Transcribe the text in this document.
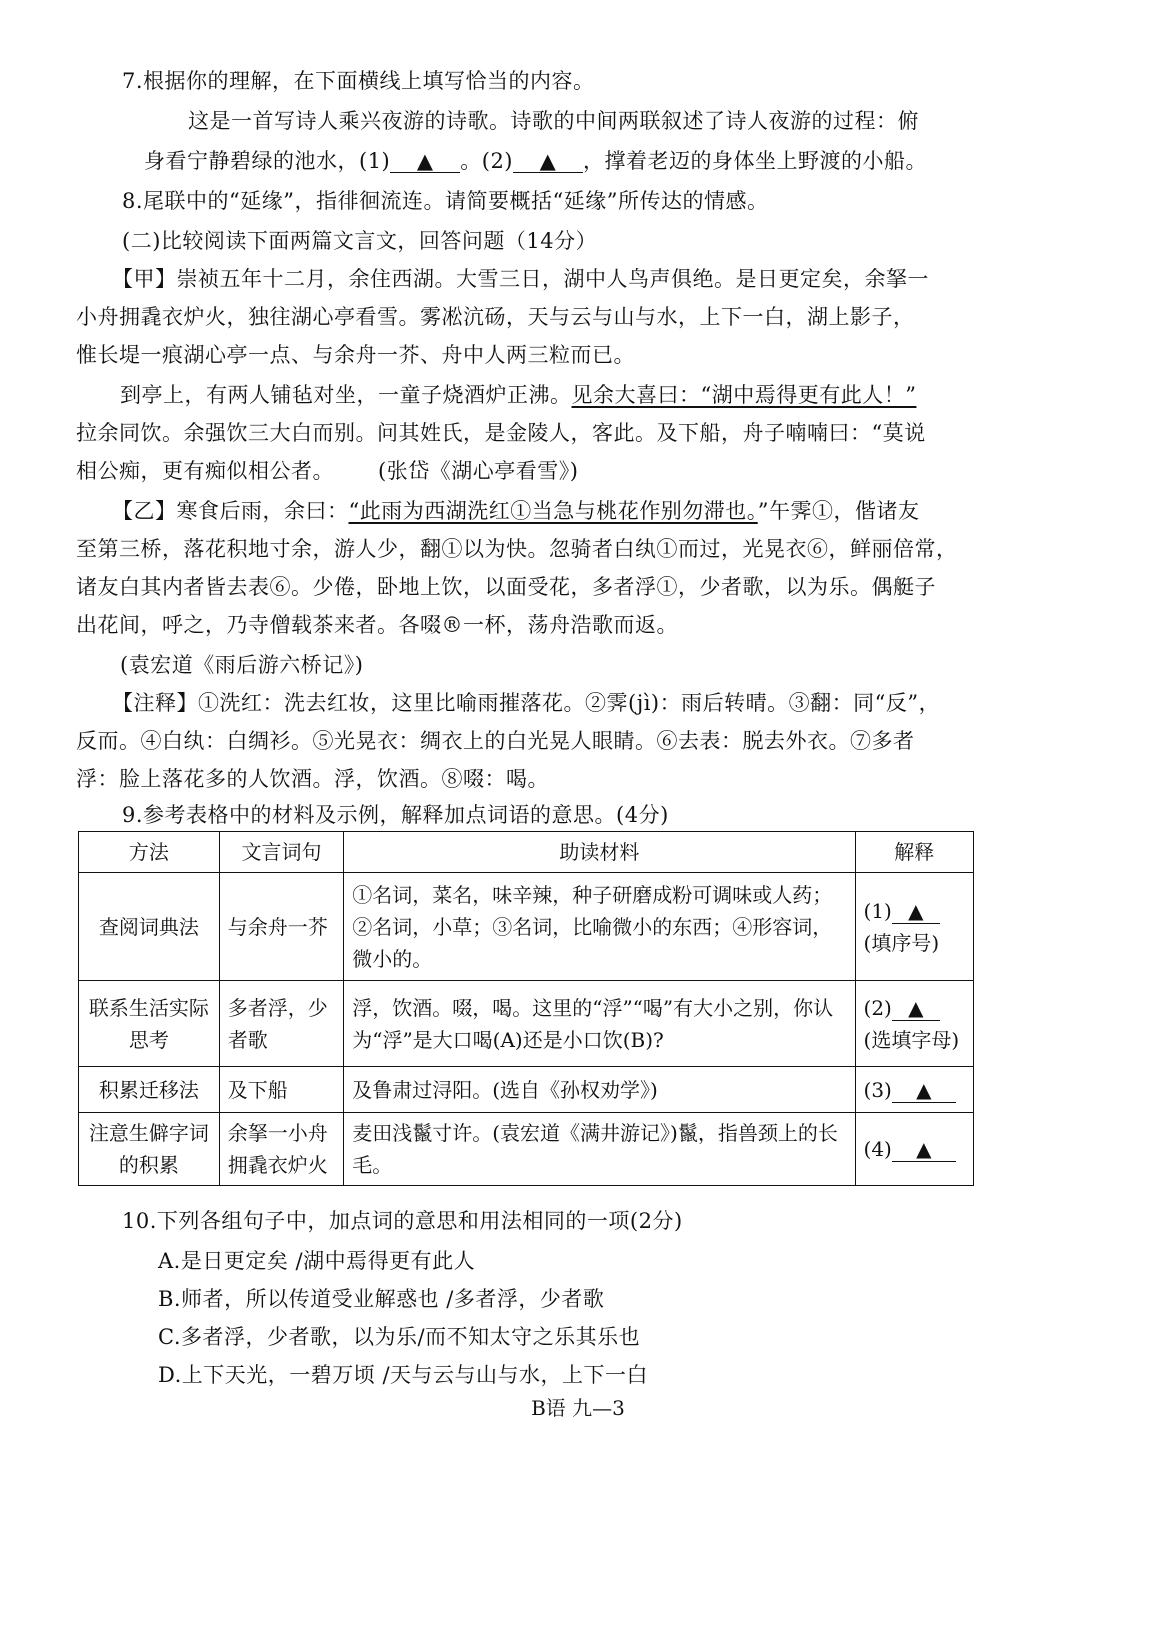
7.根据你的理解，在下面横线上填写恰当的内容。
这是一首写诗人乘兴夜游的诗歌。诗歌的中间两联叙述了诗人夜游的过程：俯
身看宁静碧绿的池水，(1) ▲ 。(2) ▲ ，撑着老迈的身体坐上野渡的小船。
8.尾联中的“延缘”，指徘徊流连。请简要概括“延缘”所传达的情感。
(二)比较阅读下面两篇文言文，回答问题（14分）
【甲】崇祯五年十二月，余住西湖。大雪三日，湖中人鸟声俱绝。是日更定矣，余拏一
小舟拥毳衣炉火，独往湖心亭看雪。雾凇沆砀，天与云与山与水，上下一白，湖上影子，
惟长堤一痕湖心亭一点、与余舟一芥、舟中人两三粒而已。
到亭上，有两人铺毡对坐，一童子烧酒炉正沸。见余大喜曰：“湖中焉得更有此人！”
拉余同饮。余强饮三大白而别。问其姓氏，是金陵人，客此。及下船，舟子喃喃曰：“莫说
相公痴，更有痴似相公者。 (张岱《湖心亭看雪》)
【乙】寒食后雨，余曰：“此雨为西湖洗红①当急与桃花作别勿滞也。”午霁①，偕诸友
至第三桥，落花积地寸余，游人少，翻①以为快。忽骑者白纨①而过，光晃衣⑥，鲜丽倍常，
诸友白其内者皆去表⑥。少倦，卧地上饮，以面受花，多者浮①，少者歌，以为乐。偶艇子
出花间，呼之，乃寺僧载茶来者。各啜®一杯，荡舟浩歌而返。
(袁宏道《雨后游六桥记》)
【注释】①洗红：洗去红妆，这里比喻雨摧落花。②霁(jì)：雨后转晴。③翻：同“反”，
反而。④白纨：白绸衫。⑤光晃衣：绸衣上的白光晃人眼睛。⑥去表：脱去外衣。⑦多者
浮：脸上落花多的人饮酒。浮，饮酒。⑧啜：喝。
9.参考表格中的材料及示例，解释加点词语的意思。(4分)
方法	文言词句	助读材料	解释
查阅词典法	与余舟一芥	①名词，菜名，味辛辣，种子研磨成粉可调味或人药；②名词，小草；③名词，比喻微小的东西；④形容词，微小的。	(1) ▲(填序号)
联系生活实际思考	多者浮，少者歌	浮，饮酒。啜，喝。这里的“浮”“喝”有大小之别，你认为“浮”是大口喝(A)还是小口饮(B)?	(2) ▲(选填字母)
积累迁移法	及下船	及鲁肃过浔阳。(选自《孙权劝学》)	(3) ▲
注意生僻字词的积累	余拏一小舟拥毳衣炉火	麦田浅鬣寸许。(袁宏道《满井游记》)鬣，指兽颈上的长毛。	(4) ▲
10.下列各组句子中，加点词的意思和用法相同的一项(2分)
A.是日更定矣 /湖中焉得更有此人
B.师者，所以传道受业解惑也 /多者浮，少者歌
C.多者浮，少者歌，以为乐/而不知太守之乐其乐也
D.上下天光，一碧万顷 /天与云与山与水，上下一白
B语 九—3
